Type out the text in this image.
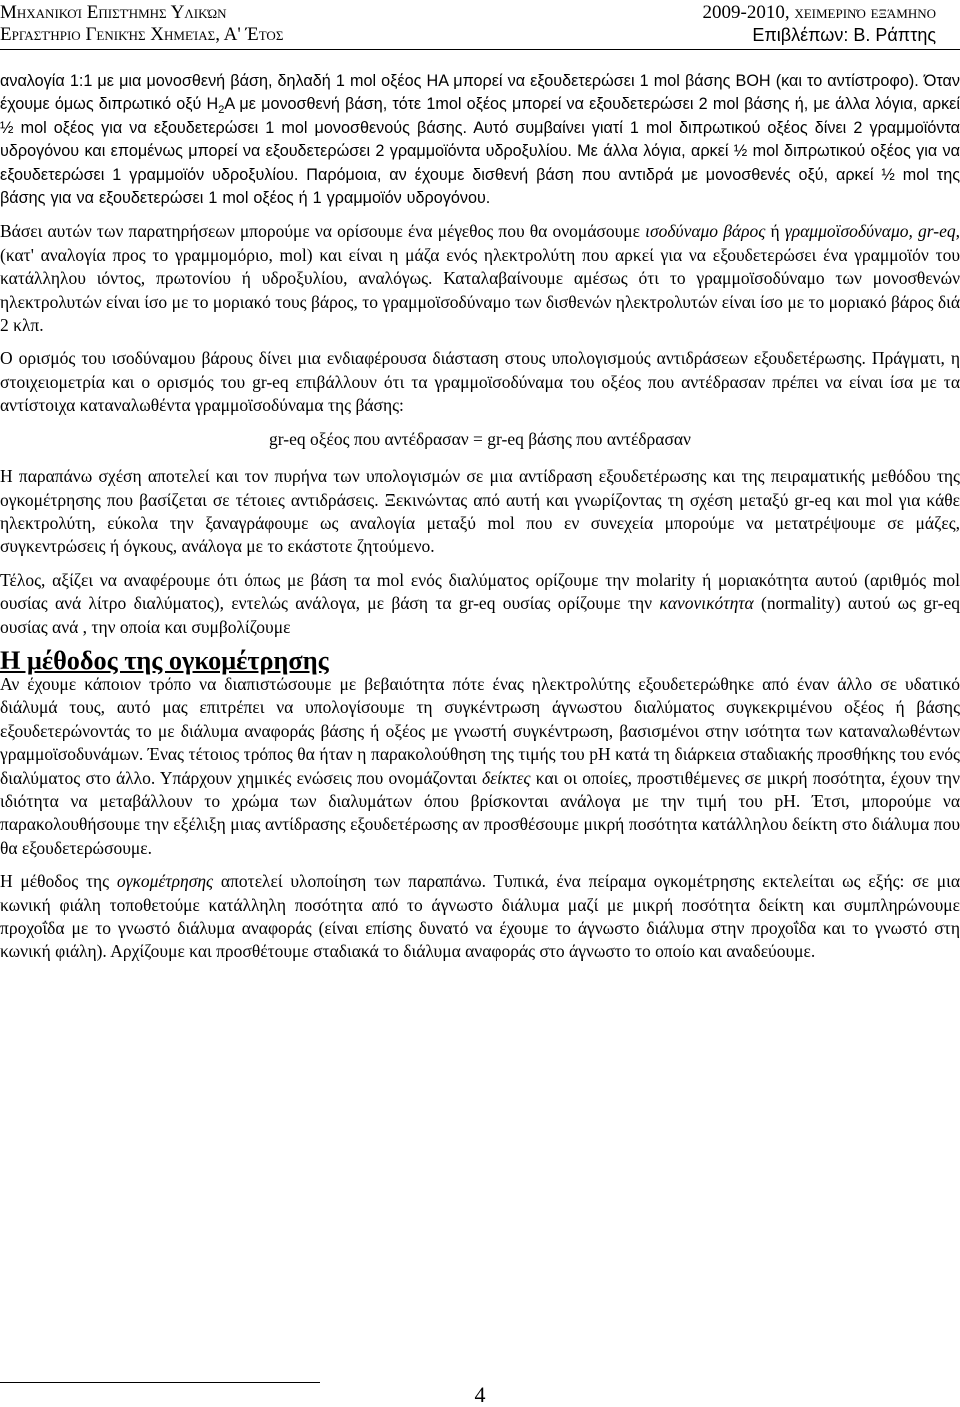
Μηχανικοί Επιστήμης Υλικών	2009-2010, χειμερινό εξάμηνο
Εργαστήριο Γενικής Χημείας, Α' Έτος	Επιβλέπων: Β. Ράπτης

αναλογία 1:1 με μια μονοσθενή βάση, δηλαδή 1 mol οξέος ΗΑ μπορεί να εξουδετερώσει 1 mol βάσης ΒΟΗ (και το αντίστροφο). Όταν έχουμε όμως διπρωτικό οξύ $H_2A$ με μονοσθενή βάση, τότε 1mol οξέος μπορεί να εξουδετερώσει 2 mol βάσης ή, με άλλα λόγια, αρκεί ½ mol οξέος για να εξουδετερώσει 1 mol μονοσθενούς βάσης. Αυτό συμβαίνει γιατί 1 mol διπρωτικού οξέος δίνει 2 γραμμοϊόντα υδρογόνου και επομένως μπορεί να εξουδετερώσει 2 γραμμοϊόντα υδροξυλίου. Με άλλα λόγια, αρκεί ½ mol διπρωτικού οξέος για να εξουδετερώσει 1 γραμμοϊόν υδροξυλίου. Παρόμοια, αν έχουμε δισθενή βάση που αντιδρά με μονοσθενές οξύ, αρκεί ½ mol της βάσης για να εξουδετερώσει 1 mol οξέος ή 1 γραμμοϊόν υδρογόνου.

Βάσει αυτών των παρατηρήσεων μπορούμε να ορίσουμε ένα μέγεθος που θα ονομάσουμε ισοδύναμο βάρος ή γραμμοϊσοδύναμο, gr-eq, (κατ' αναλογία προς το γραμμομόριο, mol) και είναι η μάζα ενός ηλεκτρολύτη που αρκεί για να εξουδετερώσει ένα γραμμοϊόν του κατάλληλου ιόντος, πρωτονίου ή υδροξυλίου, αναλόγως. Καταλαβαίνουμε αμέσως ότι το γραμμοϊσοδύναμο των μονοσθενών ηλεκτρολυτών είναι ίσο με το μοριακό τους βάρος, το γραμμοϊσοδύναμο των δισθενών ηλεκτρολυτών είναι ίσο με το μοριακό βάρος διά 2 κλπ.

Ο ορισμός του ισοδύναμου βάρους δίνει μια ενδιαφέρουσα διάσταση στους υπολογισμούς αντιδράσεων εξουδετέρωσης. Πράγματι, η στοιχειομετρία και ο ορισμός του gr-eq επιβάλλουν ότι τα γραμμοϊσοδύναμα του οξέος που αντέδρασαν πρέπει να είναι ίσα με τα αντίστοιχα καταναλωθέντα γραμμοϊσοδύναμα της βάσης:

gr-eq οξέος που αντέδρασαν = gr-eq βάσης που αντέδρασαν

Η παραπάνω σχέση αποτελεί και τον πυρήνα των υπολογισμών σε μια αντίδραση εξουδετέρωσης και της πειραματικής μεθόδου της ογκομέτρησης που βασίζεται σε τέτοιες αντιδράσεις. Ξεκινώντας από αυτή και γνωρίζοντας τη σχέση μεταξύ gr-eq και mol για κάθε ηλεκτρολύτη, εύκολα την ξαναγράφουμε ως αναλογία μεταξύ mol που εν συνεχεία μπορούμε να μετατρέψουμε σε μάζες, συγκεντρώσεις ή όγκους, ανάλογα με το εκάστοτε ζητούμενο.

Τέλος, αξίζει να αναφέρουμε ότι όπως με βάση τα mol ενός διαλύματος ορίζουμε την molarity ή μοριακότητα αυτού (αριθμός mol ουσίας ανά λίτρο διαλύματος), εντελώς ανάλογα, με βάση τα gr-eq ουσίας ορίζουμε την κανονικότητα (normality) αυτού ως gr-eq ουσίας ανά , την οποία και συμβολίζουμε

Η μέθοδος της ογκομέτρησης

Αν έχουμε κάποιον τρόπο να διαπιστώσουμε με βεβαιότητα πότε ένας ηλεκτρολύτης εξουδετερώθηκε από έναν άλλο σε υδατικό διάλυμά τους, αυτό μας επιτρέπει να υπολογίσουμε τη συγκέντρωση άγνωστου διαλύματος συγκεκριμένου οξέος ή βάσης εξουδετερώνοντάς το με διάλυμα αναφοράς βάσης ή οξέος με γνωστή συγκέντρωση, βασισμένοι στην ισότητα των καταναλωθέντων γραμμοϊσοδυνάμων. Ένας τέτοιος τρόπος θα ήταν η παρακολούθηση της τιμής του pH κατά τη διάρκεια σταδιακής προσθήκης του ενός διαλύματος στο άλλο. Υπάρχουν χημικές ενώσεις που ονομάζονται δείκτες και οι οποίες, προστιθέμενες σε μικρή ποσότητα, έχουν την ιδιότητα να μεταβάλλουν το χρώμα των διαλυμάτων όπου βρίσκονται ανάλογα με την τιμή του pH. Έτσι, μπορούμε να παρακολουθήσουμε την εξέλιξη μιας αντίδρασης εξουδετέρωσης αν προσθέσουμε μικρή ποσότητα κατάλληλου δείκτη στο διάλυμα που θα εξουδετερώσουμε.

Η μέθοδος της ογκομέτρησης αποτελεί υλοποίηση των παραπάνω. Τυπικά, ένα πείραμα ογκομέτρησης εκτελείται ως εξής: σε μια κωνική φιάλη τοποθετούμε κατάλληλη ποσότητα από το άγνωστο διάλυμα μαζί με μικρή ποσότητα δείκτη και συμπληρώνουμε προχοΐδα με το γνωστό διάλυμα αναφοράς (είναι επίσης δυνατό να έχουμε το άγνωστο διάλυμα στην προχοΐδα και το γνωστό στη κωνική φιάλη). Αρχίζουμε και προσθέτουμε σταδιακά το διάλυμα αναφοράς στο άγνωστο το οποίο και αναδεύουμε.

4
